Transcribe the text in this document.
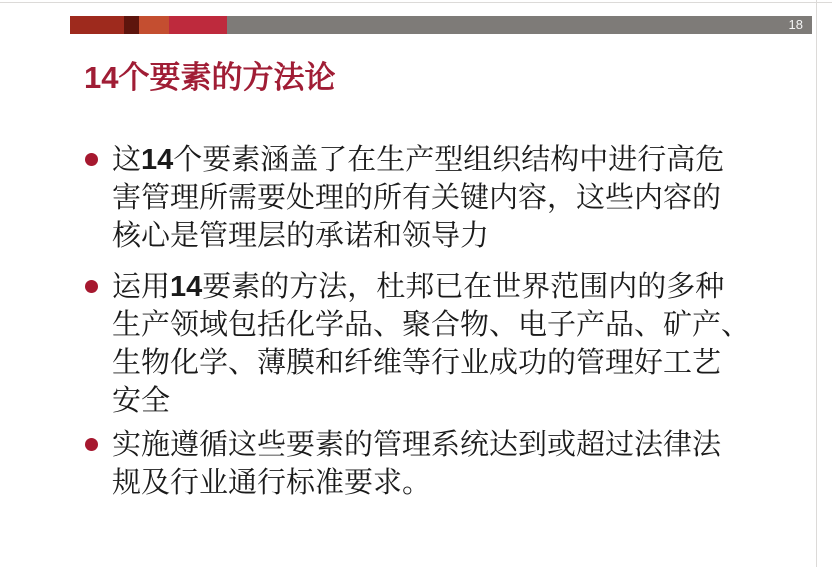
18
14个要素的方法论
这14个要素涵盖了在生产型组织结构中进行高危
害管理所需要处理的所有关键内容，这些内容的
核心是管理层的承诺和领导力
运用14要素的方法，杜邦已在世界范围内的多种
生产领域包括化学品、聚合物、电子产品、矿产、
生物化学、薄膜和纤维等行业成功的管理好工艺
安全
实施遵循这些要素的管理系统达到或超过法律法
规及行业通行标准要求。
